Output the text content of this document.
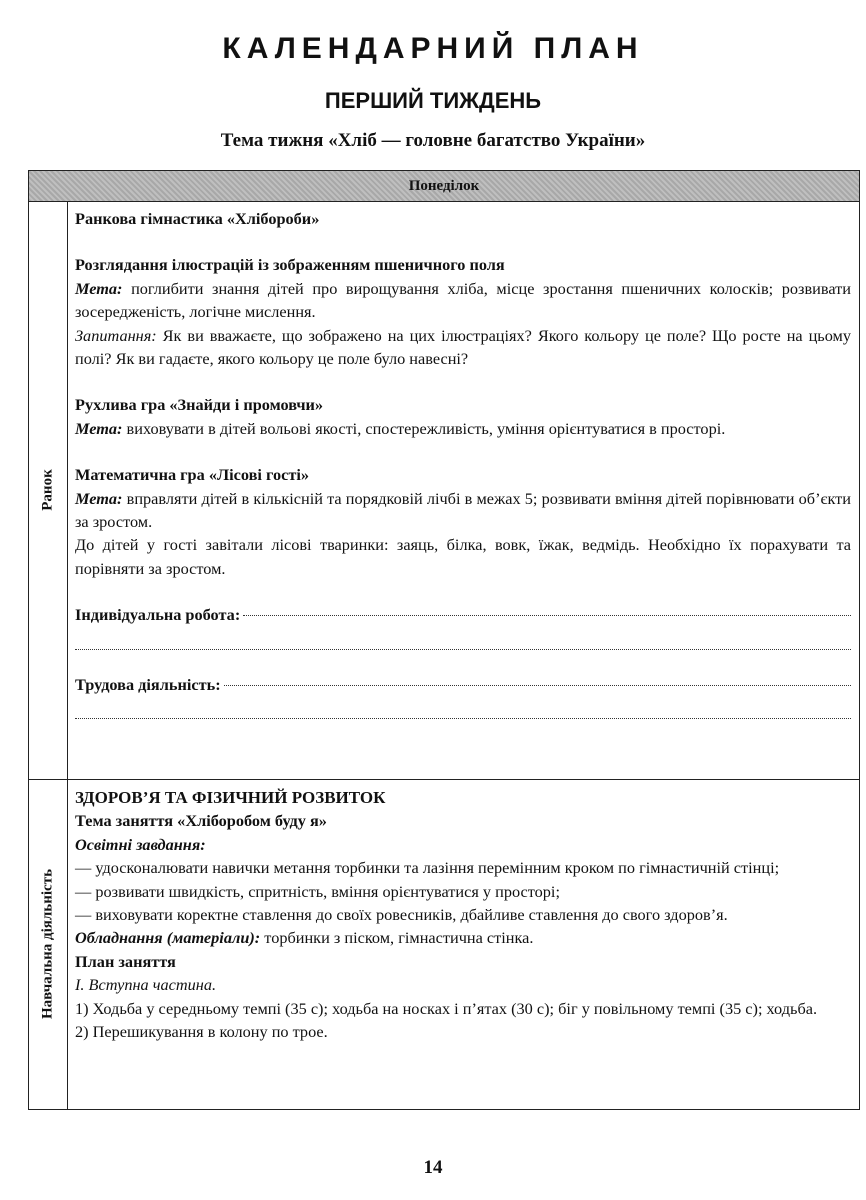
КАЛЕНДАРНИЙ ПЛАН
ПЕРШИЙ ТИЖДЕНЬ
Тема тижня «Хліб — головне багатство України»
Понеділок
Ранок
Навчальна діяльність

Ранкова гімнастика «Хлібороби»

Розглядання ілюстрацій із зображенням пшеничного поля

Мета: поглибити знання дітей про вирощування хліба, місце зростання пшеничних колосків; розвивати зосередженість, логічне мислення.

Запитання: Як ви вважаєте, що зображено на цих ілюстраціях? Якого кольору це поле? Що росте на цьому полі? Як ви гадаєте, якого кольору це поле було навесні?

Рухлива гра «Знайди і промовчи»

Мета: виховувати в дітей вольові якості, спостережливість, уміння орієнтуватися в просторі.

Математична гра «Лісові гості»

Мета: вправляти дітей в кількісній та порядковій лічбі в межах 5; розвивати вміння дітей порівнювати об’єкти за зростом.

До дітей у гості завітали лісові тваринки: заяць, білка, вовк, їжак, ведмідь. Необхідно їх порахувати та порівняти за зростом.

Індивідуальна робота:
Трудова діяльність:

ЗДОРОВ’Я ТА ФІЗИЧНИЙ РОЗВИТОК

Тема заняття «Хліборобом буду я»

Освітні завдання:

— удосконалювати навички метання торбинки та лазіння перемінним кроком по гімнастичній стінці;

— розвивати швидкість, спритність, вміння орієнтуватися у просторі;

— виховувати коректне ставлення до своїх ровесників, дбайливе ставлення до свого здоров’я.

Обладнання (матеріали): торбинки з піском, гімнастична стінка.

План заняття

I. Вступна частина.

1) Ходьба у середньому темпі (35 с); ходьба на носках і п’ятах (30 с); біг у повільному темпі (35 с); ходьба.

2) Перешикування в колону по трое.

14
